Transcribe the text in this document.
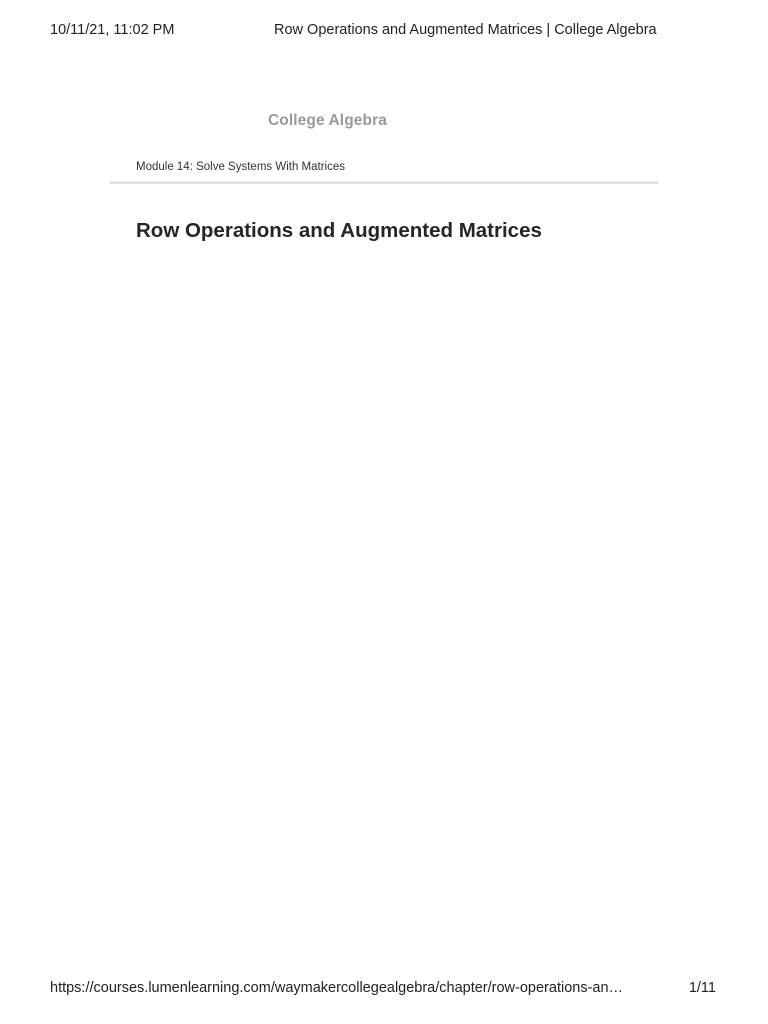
10/11/21, 11:02 PM	Row Operations and Augmented Matrices | College Algebra
College Algebra
Module 14: Solve Systems With Matrices
Row Operations and Augmented Matrices
https://courses.lumenlearning.com/waymakercollegealgebra/chapter/row-operations-an…	1/11
